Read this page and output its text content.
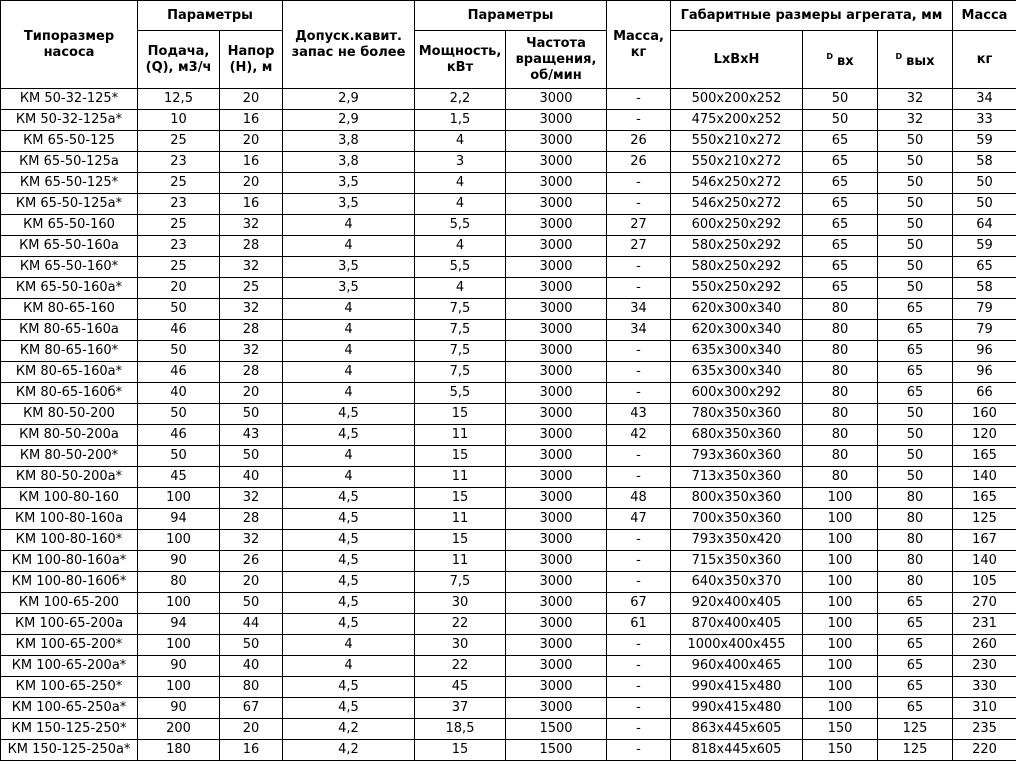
Типоразмер насоса	Параметры		Допуск.кавит. запас не более	Параметры		Масса, кг	Габаритные размеры агрегата, мм			Масса
	Подача, (Q), м3/ч	Напор (H), м		Мощность, кВт	Частота вращения, об/мин		LxBxH	$^D$ вх	$^D$ вых	кг
КМ 50-32-125*	12,5	20	2,9	2,2	3000	-	500x200x252	50	32	34
КМ 50-32-125а*	10	16	2,9	1,5	3000	-	475x200x252	50	32	33
КМ 65-50-125	25	20	3,8	4	3000	26	550x210x272	65	50	59
КМ 65-50-125а	23	16	3,8	3	3000	26	550x210x272	65	50	58
КМ 65-50-125*	25	20	3,5	4	3000	-	546x250x272	65	50	50
КМ 65-50-125а*	23	16	3,5	4	3000	-	546x250x272	65	50	50
КМ 65-50-160	25	32	4	5,5	3000	27	600x250x292	65	50	64
КМ 65-50-160а	23	28	4	4	3000	27	580x250x292	65	50	59
КМ 65-50-160*	25	32	3,5	5,5	3000	-	580x250x292	65	50	65
КМ 65-50-160а*	20	25	3,5	4	3000	-	550x250x292	65	50	58
КМ 80-65-160	50	32	4	7,5	3000	34	620x300x340	80	65	79
КМ 80-65-160а	46	28	4	7,5	3000	34	620x300x340	80	65	79
КМ 80-65-160*	50	32	4	7,5	3000	-	635x300x340	80	65	96
КМ 80-65-160а*	46	28	4	7,5	3000	-	635x300x340	80	65	96
КМ 80-65-160б*	40	20	4	5,5	3000	-	600x300x292	80	65	66
КМ 80-50-200	50	50	4,5	15	3000	43	780x350x360	80	50	160
КМ 80-50-200а	46	43	4,5	11	3000	42	680x350x360	80	50	120
КМ 80-50-200*	50	50	4	15	3000	-	793x360x360	80	50	165
КМ 80-50-200а*	45	40	4	11	3000	-	713x350x360	80	50	140
КМ 100-80-160	100	32	4,5	15	3000	48	800x350x360	100	80	165
КМ 100-80-160а	94	28	4,5	11	3000	47	700x350x360	100	80	125
КМ 100-80-160*	100	32	4,5	15	3000	-	793x350x420	100	80	167
КМ 100-80-160а*	90	26	4,5	11	3000	-	715x350x360	100	80	140
КМ 100-80-160б*	80	20	4,5	7,5	3000	-	640x350x370	100	80	105
КМ 100-65-200	100	50	4,5	30	3000	67	920x400x405	100	65	270
КМ 100-65-200а	94	44	4,5	22	3000	61	870x400x405	100	65	231
КМ 100-65-200*	100	50	4	30	3000	-	1000x400x455	100	65	260
КМ 100-65-200а*	90	40	4	22	3000	-	960x400x465	100	65	230
КМ 100-65-250*	100	80	4,5	45	3000	-	990x415x480	100	65	330
КМ 100-65-250а*	90	67	4,5	37	3000	-	990x415x480	100	65	310
КМ 150-125-250*	200	20	4,2	18,5	1500	-	863x445x605	150	125	235
КМ 150-125-250а*	180	16	4,2	15	1500	-	818x445x605	150	125	220
